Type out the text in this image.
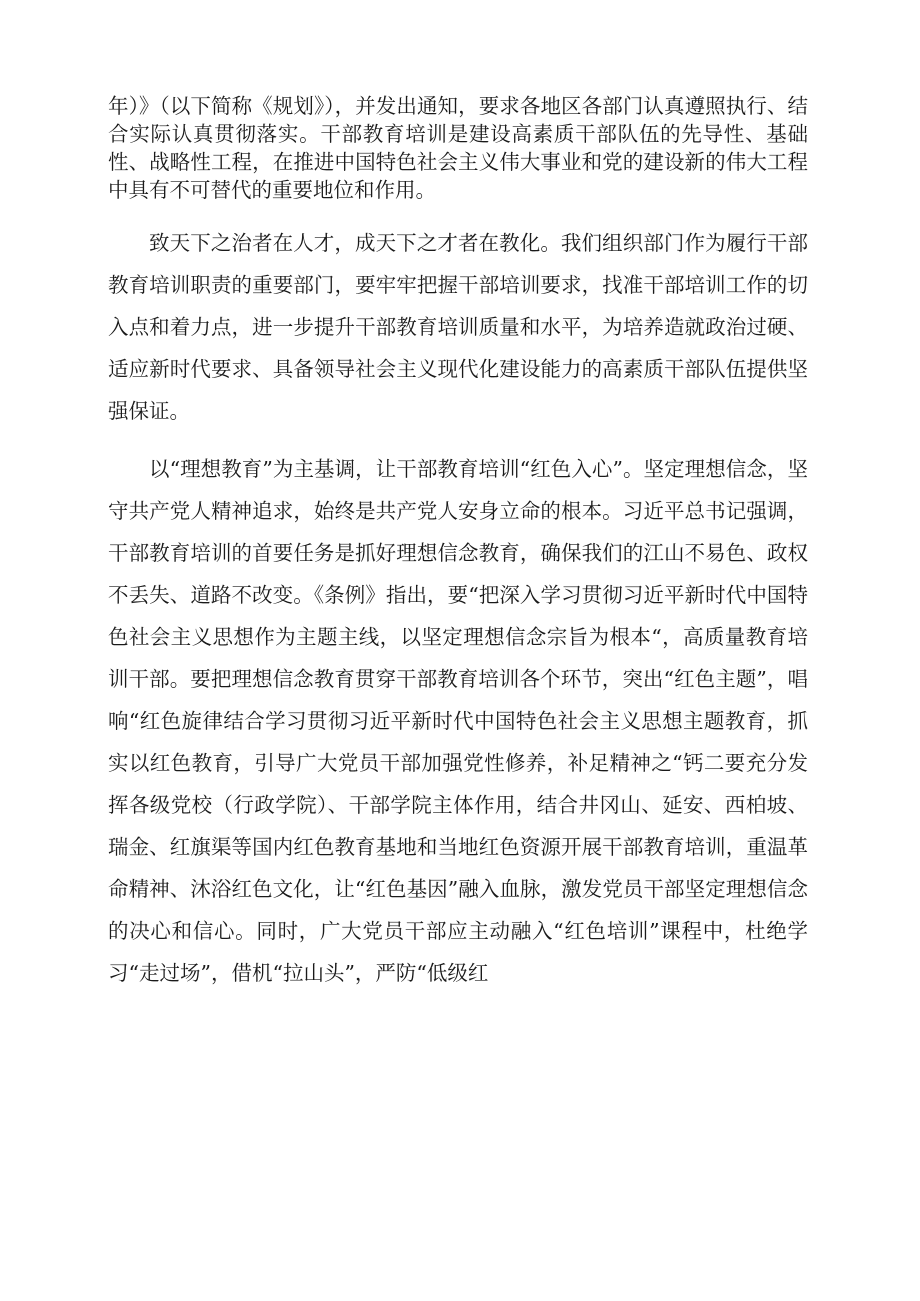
年）》（以下简称《规划》），并发出通知，要求各地区各部门认真遵照执行、结合实际认真贯彻落实。干部教育培训是建设高素质干部队伍的先导性、基础性、战略性工程，在推进中国特色社会主义伟大事业和党的建设新的伟大工程中具有不可替代的重要地位和作用。

致天下之治者在人才，成天下之才者在教化。我们组织部门作为履行干部教育培训职责的重要部门，要牢牢把握干部培训要求，找准干部培训工作的切入点和着力点，进一步提升干部教育培训质量和水平，为培养造就政治过硬、适应新时代要求、具备领导社会主义现代化建设能力的高素质干部队伍提供坚强保证。

以“理想教育”为主基调，让干部教育培训“红色入心”。坚定理想信念，坚守共产党人精神追求，始终是共产党人安身立命的根本。习近平总书记强调，干部教育培训的首要任务是抓好理想信念教育，确保我们的江山不易色、政权不丢失、道路不改变。《条例》指出，要“把深入学习贯彻习近平新时代中国特色社会主义思想作为主题主线，以坚定理想信念宗旨为根本“，高质量教育培训干部。要把理想信念教育贯穿干部教育培训各个环节，突出“红色主题”，唱响“红色旋律结合学习贯彻习近平新时代中国特色社会主义思想主题教育，抓实以红色教育，引导广大党员干部加强党性修养，补足精神之“钙二要充分发挥各级党校（行政学院）、干部学院主体作用，结合井冈山、延安、西柏坡、瑞金、红旗渠等国内红色教育基地和当地红色资源开展干部教育培训，重温革命精神、沐浴红色文化，让“红色基因”融入血脉，激发党员干部坚定理想信念的决心和信心。同时，广大党员干部应主动融入“红色培训”课程中，杜绝学习“走过场”，借机“拉山头”，严防“低级红
